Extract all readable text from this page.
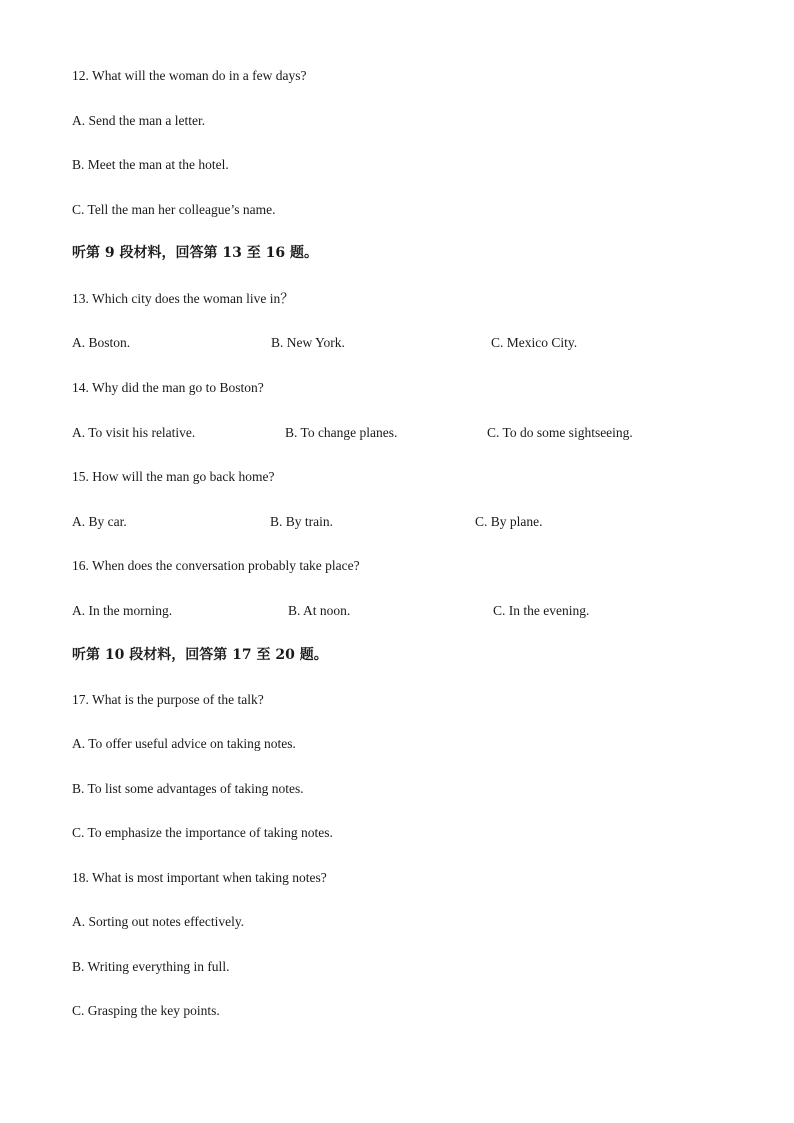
12. What will the woman do in a few days?
A. Send the man a letter.
B. Meet the man at the hotel.
C. Tell the man her colleague’s name.
听第 9 段材料，回答第 13 至 16 题。
13. Which city does the woman live in？
A. Boston.	B. New York.	C. Mexico City.
14. Why did the man go to Boston?
A. To visit his relative.	B. To change planes.	C. To do some sightseeing.
15. How will the man go back home?
A. By car.	B. By train.	C. By plane.
16. When does the conversation probably take place?
A. In the morning.	B. At noon.	C. In the evening.
听第 10 段材料，回答第 17 至 20 题。
17. What is the purpose of the talk?
A. To offer useful advice on taking notes.
B. To list some advantages of taking notes.
C. To emphasize the importance of taking notes.
18. What is most important when taking notes?
A. Sorting out notes effectively.
B. Writing everything in full.
C. Grasping the key points.
